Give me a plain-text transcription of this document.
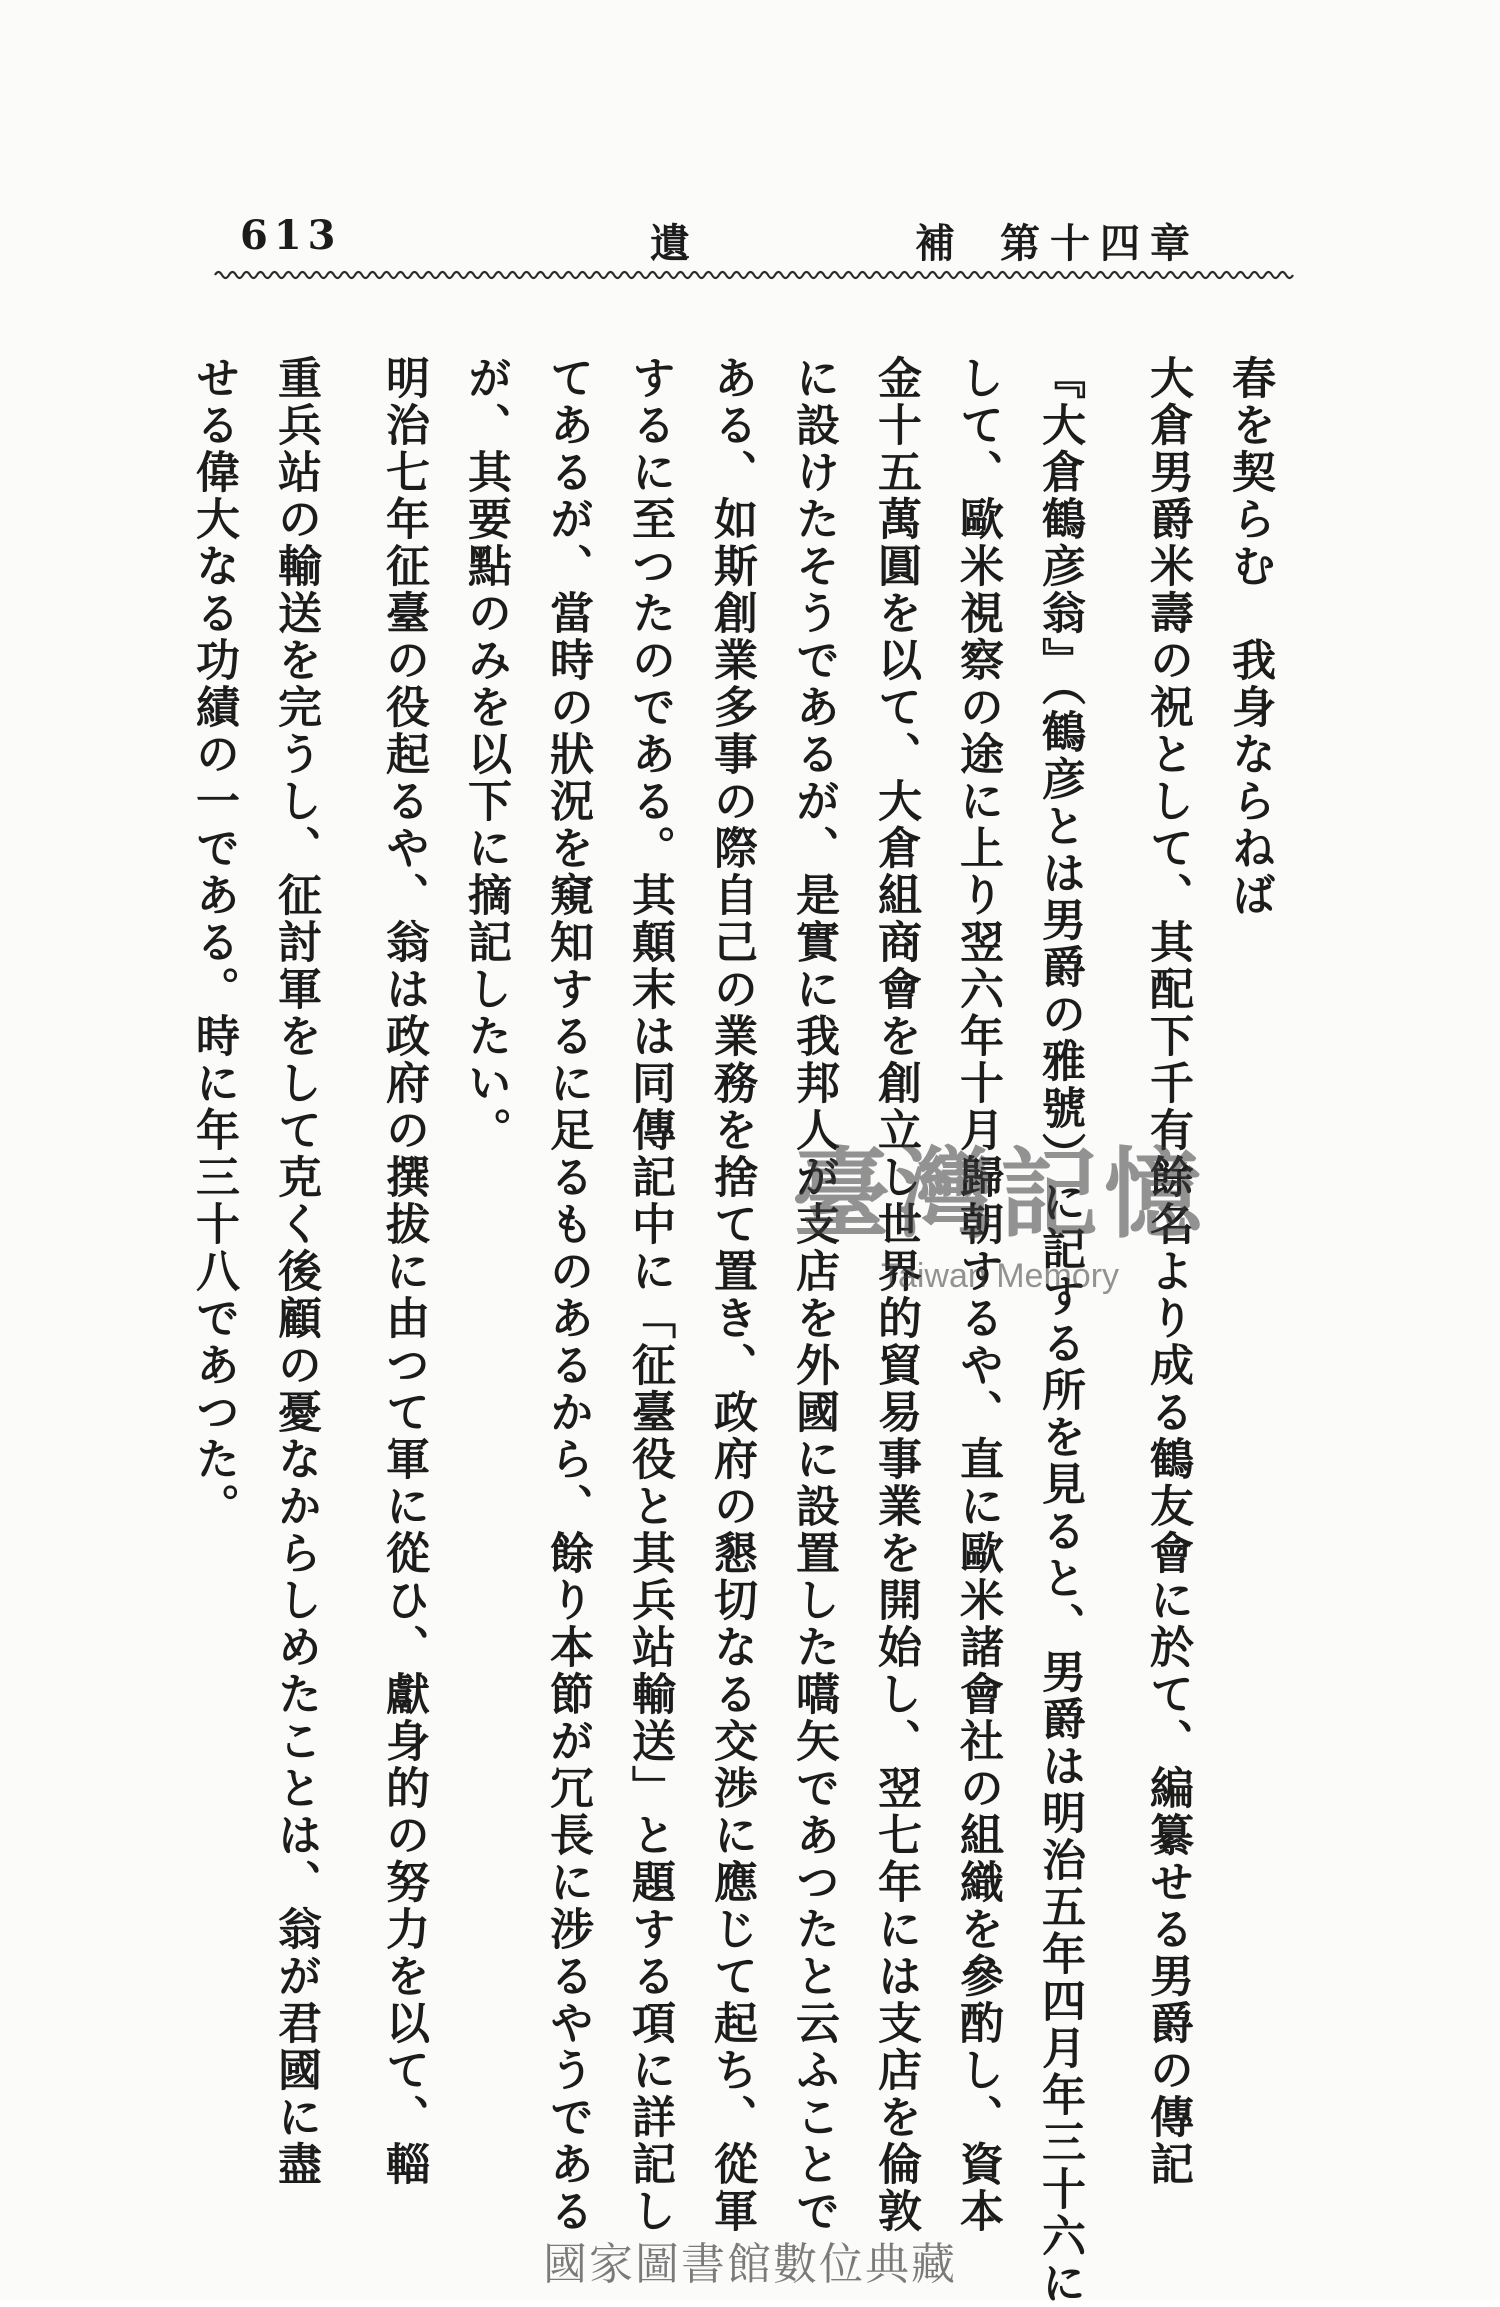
613	遺	補 第十四章
春を契らむ　我身ならねば
大倉男爵米壽の祝として、其配下千有餘名より成る鶴友會に於て、編纂せる男爵の傳記
『大倉鶴彦翁』（鶴彦とは男爵の雅號）に記する所を見ると、男爵は明治五年四月年三十六に
して、歐米視察の途に上り翌六年十月歸朝するや、直に歐米諸會社の組織を參酌し、資本
金十五萬圓を以て、大倉組商會を創立し世界的貿易事業を開始し、翌七年には支店を倫敦
に設けたそうであるが、是實に我邦人が支店を外國に設置した嚆矢であつたと云ふことで
ある、如斯創業多事の際自己の業務を捨て置き、政府の懇切なる交渉に應じて起ち、從軍
するに至つたのである。其顛末は同傳記中に「征臺役と其兵站輸送」と題する項に詳記し
てあるが、當時の狀況を窺知するに足るものあるから、餘り本節が冗長に涉るやうである
が、其要點のみを以下に摘記したい。
明治七年征臺の役起るや、翁は政府の撰拔に由つて軍に從ひ、獻身的の努力を以て、輜
重兵站の輸送を完うし、征討軍をして克く後顧の憂なからしめたことは、翁が君國に盡
せる偉大なる功績の一である。時に年三十八であつた。	臺灣記憶
Taiwan Memory
國家圖書館數位典藏
